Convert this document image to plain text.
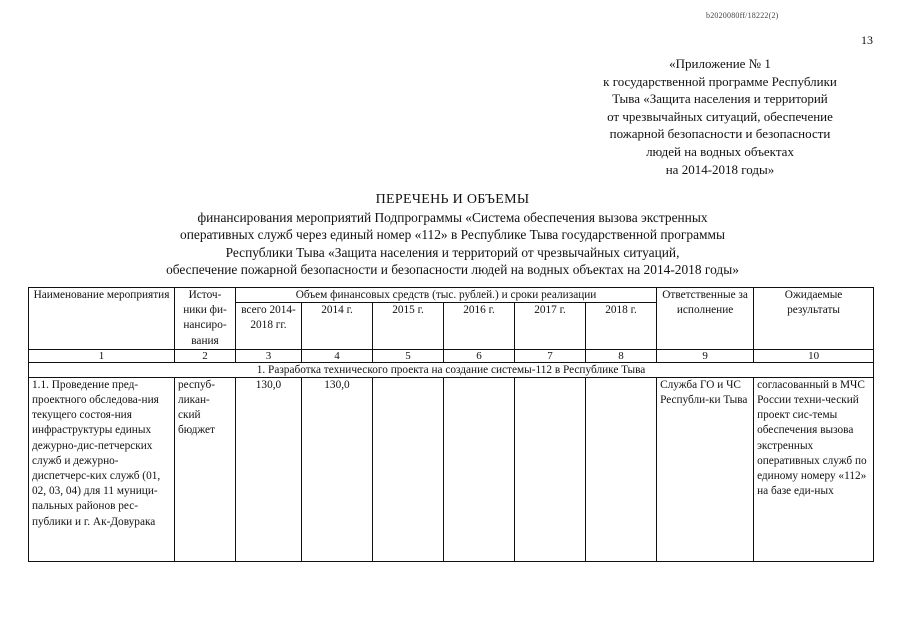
b2020080ff/18222(2)
13
«Приложение № 1
к государственной программе Республики
Тыва «Защита населения и территорий
от чрезвычайных ситуаций, обеспечение
пожарной безопасности и безопасности
людей на водных объектах
на 2014-2018 годы»
ПЕРЕЧЕНЬ И ОБЪЕМЫ
финансирования мероприятий Подпрограммы «Система обеспечения вызова экстренных
оперативных служб через единый номер «112» в Республике Тыва государственной программы
Республики Тыва «Защита населения и территорий от чрезвычайных ситуаций,
обеспечение пожарной безопасности и безопасности людей на водных объектах на 2014-2018 годы»
Наименование мероприятия	Источ-ники фи-нансиро-вания	Объем финансовых средств (тыс. рублей.) и сроки реализации						Ответственные за исполнение	Ожидаемые результаты
		всего 2014-2018 гг.	2014 г.	2015 г.	2016 г.	2017 г.	2018 г.		
1	2	3	4	5	6	7	8	9	10
1. Разработка технического проекта на создание системы-112 в Республике Тыва									
1.1. Проведение пред-проектного обследова-ния текущего состоя-ния инфраструктуры единых дежурно-дис-петчерских служб и дежурно-диспетчерс-ких служб (01, 02, 03, 04) для 11 муници-пальных районов рес-публики и г. Ак-Довурака	респуб-ликан-ский бюджет	130,0	130,0					Служба ГО и ЧС Республи-ки Тыва	согласованный в МЧС России техни-ческий проект сис-темы обеспечения вызова экстренных оперативных служб по единому номеру «112» на базе еди-ных
